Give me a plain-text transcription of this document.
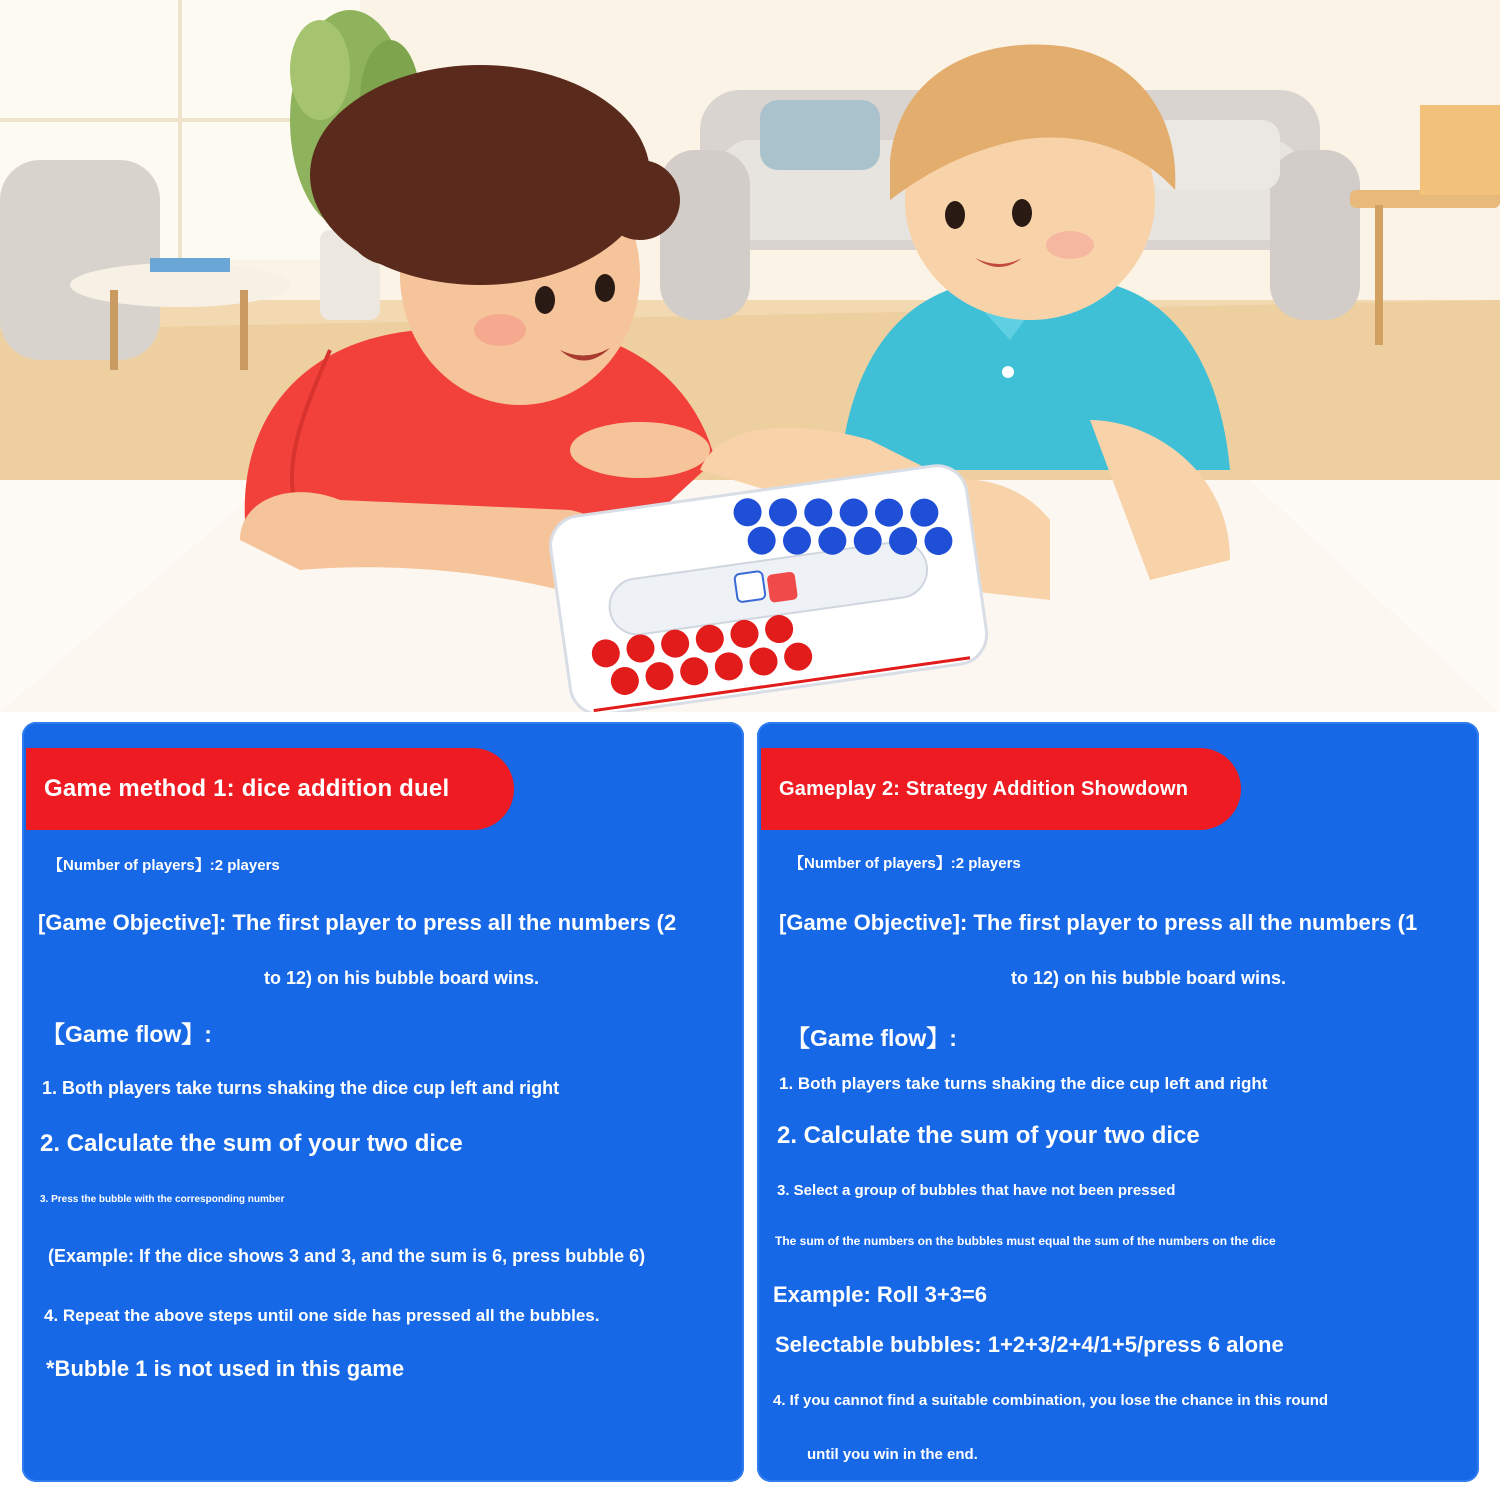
Game method 1: dice addition duel
【Number of players】:2 players
[Game Objective]: The first player to press all the numbers (2
to 12) on his bubble board wins.
【Game flow】:
1. Both players take turns shaking the dice cup left and right
2. Calculate the sum of your two dice
3. Press the bubble with the corresponding number
(Example: If the dice shows 3 and 3, and the sum is 6, press bubble 6)
4. Repeat the above steps until one side has pressed all the bubbles.
*Bubble 1 is not used in this game
Gameplay 2: Strategy Addition Showdown
【Number of players】:2 players
[Game Objective]: The first player to press all the numbers (1
to 12) on his bubble board wins.
【Game flow】:
1. Both players take turns shaking the dice cup left and right
2. Calculate the sum of your two dice
3. Select a group of bubbles that have not been pressed
The sum of the numbers on the bubbles must equal the sum of the numbers on the dice
Example: Roll 3+3=6
Selectable bubbles: 1+2+3/2+4/1+5/press 6 alone
4. If you cannot find a suitable combination, you lose the chance in this round
until you win in the end.
